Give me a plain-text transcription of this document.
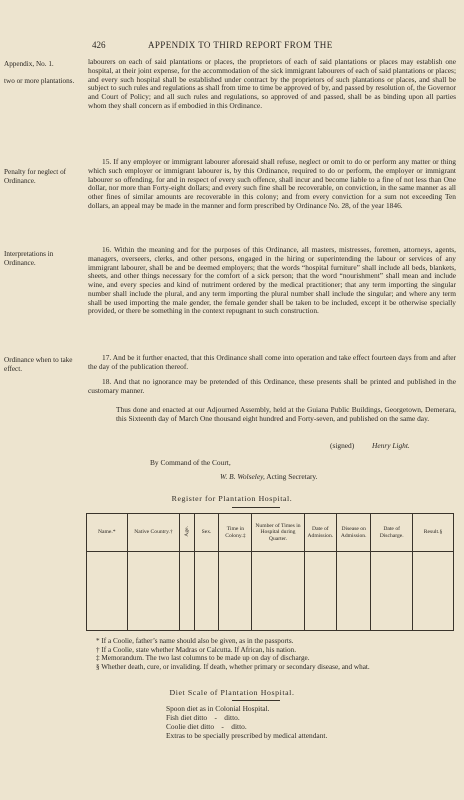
426	APPENDIX TO THIRD REPORT FROM THE
Appendix, No. 1.
two or more plantations.
Penalty for neglect of Ordinance.
Interpretations in Ordinance.
Ordinance when to take effect.

labourers on each of said plantations or places, the proprietors of each of said plantations or places may establish one hospital, at their joint expense, for the accommodation of the sick immigrant labourers of each of said plantations or places; and every such hospital shall be established under contract by the proprietors of such plantations or places, and shall be subject to such rules and regulations as shall from time to time be approved of by, and passed by resolution of, the Governor and Court of Policy; and all such rules and regulations, so approved of and passed, shall be as binding upon all parties whom they shall concern as if embodied in this Ordinance.

15. If any employer or immigrant labourer aforesaid shall refuse, neglect or omit to do or perform any matter or thing which such employer or immigrant labourer is, by this Ordinance, required to do or perform, the employer or immigrant labourer so offending, for and in respect of every such offence, shall incur and become liable to a fine of not less than One dollar, nor more than Forty-eight dollars; and every such fine shall be recoverable, on conviction, in the same manner as all other fines of similar amounts are recoverable in this colony; and from every conviction for a sum not exceeding Ten dollars, an appeal may be made in the manner and form prescribed by Ordinance No. 28, of the year 1846.

16. Within the meaning and for the purposes of this Ordinance, all masters, mistresses, foremen, attorneys, agents, managers, overseers, clerks, and other persons, engaged in the hiring or superintending the labour or services of any immigrant labourer, shall be and be deemed employers; that the words “hospital furniture” shall include all beds, blankets, sheets, and other things necessary for the comfort of a sick person; that the word “nourishment” shall mean and include wine, and every species and kind of nutriment ordered by the medical practitioner; that any term importing the singular number shall include the plural, and any term importing the plural number shall include the singular; and where any term shall be used importing the male gender, the female gender shall be taken to be included, except it be otherwise specially provided, or there be something in the context repugnant to such construction.

17. And be it further enacted, that this Ordinance shall come into operation and take effect fourteen days from and after the day of the publication thereof.

18. And that no ignorance may be pretended of this Ordinance, these presents shall be printed and published in the customary manner.

Thus done and enacted at our Adjourned Assembly, held at the Guiana Public Buildings, Georgetown, Demerara, this Sixteenth day of March One thousand eight hundred and Forty-seven, and published on the same day.
(signed) Henry Light.
By Command of the Court,
W. B. Wolseley, Acting Secretary.
Register for Plantation Hospital.
Name.*	Native Country.†	Age.	Sex.	Time in Colony.‡	Number of Times in Hospital during Quarter.	Date of Admission.	Disease on Admission.	Date of Discharge.	Result.§

* If a Coolie, father’s name should also be given, as in the passports.
† If a Coolie, state whether Madras or Calcutta. If African, his nation.
‡ Memorandum. The two last columns to be made up on day of discharge.
§ Whether death, cure, or invaliding. If death, whether primary or secondary disease, and what.
Diet Scale of Plantation Hospital.
Spoon diet as in Colonial Hospital.
Fish diet ditto    -    ditto.
Coolie diet ditto    -    ditto.
Extras to be specially prescribed by medical attendant.
